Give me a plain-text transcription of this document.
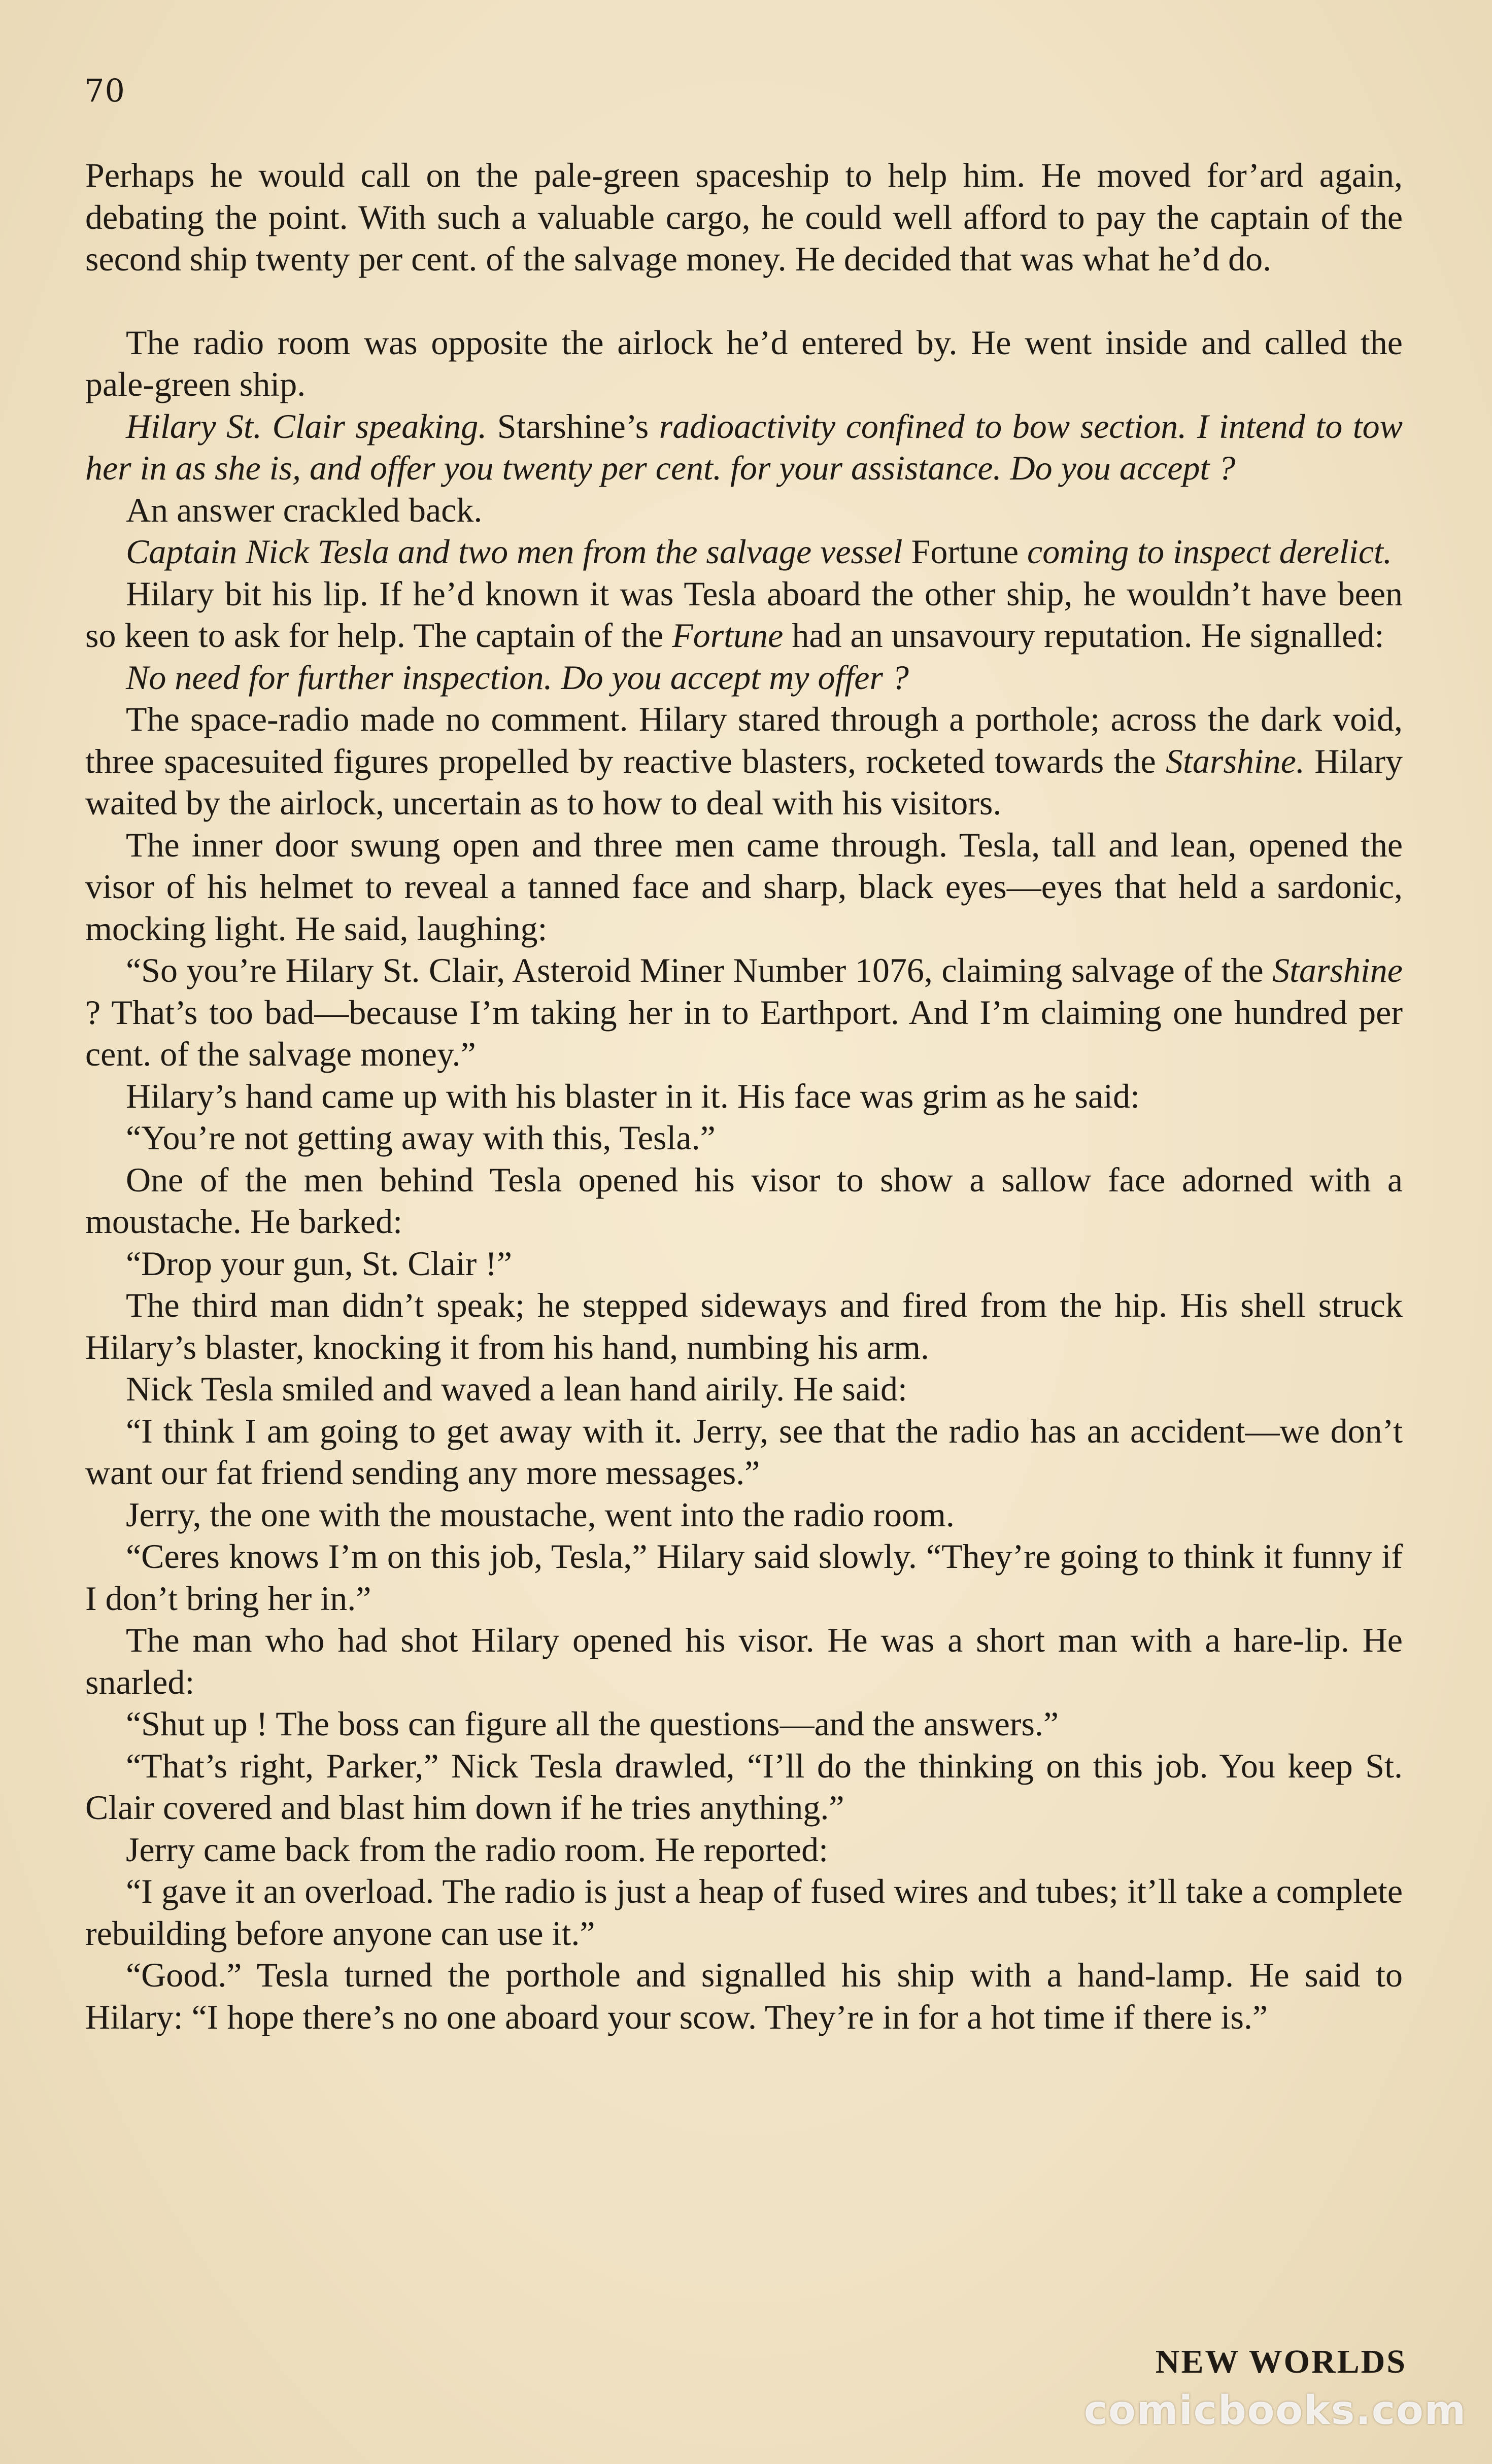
70

Perhaps he would call on the pale-green spaceship to help him. He moved for’ard again, debating the point. With such a valuable cargo, he could well afford to pay the captain of the second ship twenty per cent. of the salvage money. He decided that was what he’d do.

The radio room was opposite the airlock he’d entered by. He went inside and called the pale-green ship.

Hilary St. Clair speaking. Starshine’s radioactivity confined to bow section. I intend to tow her in as she is, and offer you twenty per cent. for your assistance. Do you accept ?

An answer crackled back.

Captain Nick Tesla and two men from the salvage vessel Fortune coming to inspect derelict.

Hilary bit his lip. If he’d known it was Tesla aboard the other ship, he wouldn’t have been so keen to ask for help. The captain of the Fortune had an unsavoury reputation. He signalled:

No need for further inspection. Do you accept my offer ?

The space-radio made no comment. Hilary stared through a porthole; across the dark void, three spacesuited figures propelled by reactive blasters, rocketed towards the Starshine. Hilary waited by the airlock, uncertain as to how to deal with his visitors.

The inner door swung open and three men came through. Tesla, tall and lean, opened the visor of his helmet to reveal a tanned face and sharp, black eyes—eyes that held a sardonic, mocking light. He said, laughing:

“So you’re Hilary St. Clair, Asteroid Miner Number 1076, claiming salvage of the Starshine ? That’s too bad—because I’m taking her in to Earthport. And I’m claiming one hundred per cent. of the salvage money.”

Hilary’s hand came up with his blaster in it. His face was grim as he said:

“You’re not getting away with this, Tesla.”

One of the men behind Tesla opened his visor to show a sallow face adorned with a moustache. He barked:

“Drop your gun, St. Clair !”

The third man didn’t speak; he stepped sideways and fired from the hip. His shell struck Hilary’s blaster, knocking it from his hand, numbing his arm.

Nick Tesla smiled and waved a lean hand airily. He said:

“I think I am going to get away with it. Jerry, see that the radio has an accident—we don’t want our fat friend sending any more messages.”

Jerry, the one with the moustache, went into the radio room.

“Ceres knows I’m on this job, Tesla,” Hilary said slowly. “They’re going to think it funny if I don’t bring her in.”

The man who had shot Hilary opened his visor. He was a short man with a hare-lip. He snarled:

“Shut up ! The boss can figure all the questions—and the answers.”

“That’s right, Parker,” Nick Tesla drawled, “I’ll do the thinking on this job. You keep St. Clair covered and blast him down if he tries anything.”

Jerry came back from the radio room. He reported:

“I gave it an overload. The radio is just a heap of fused wires and tubes; it’ll take a complete rebuilding before anyone can use it.”

“Good.” Tesla turned the porthole and signalled his ship with a hand-lamp. He said to Hilary: “I hope there’s no one aboard your scow. They’re in for a hot time if there is.”

NEW WORLDS
comicbooks.com
